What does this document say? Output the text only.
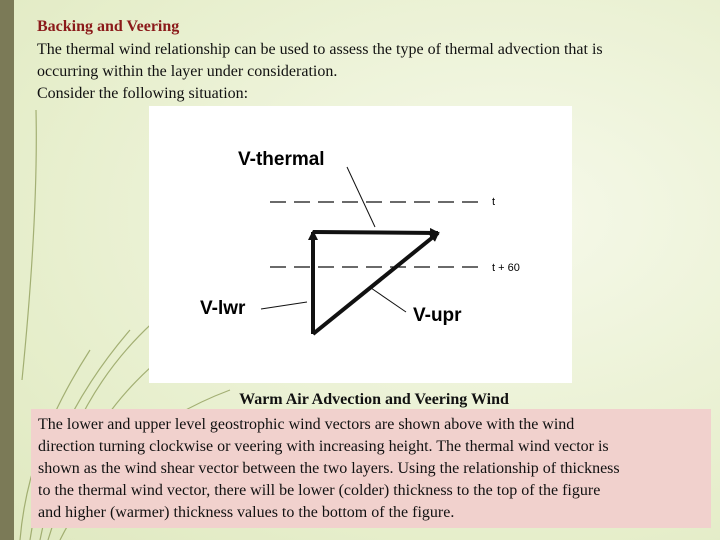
Backing and Veering

The thermal wind relationship can be used to assess the type of thermal advection that is

occurring within the layer under consideration.

Consider the following situation:

t
t + 60
V-thermal
V-lwr	V-upr
Warm Air Advection and Veering Wind

The lower and upper level geostrophic wind vectors are shown above with the wind

direction turning clockwise or veering with increasing height. The thermal wind vector is

shown as the wind shear vector between the two layers. Using the relationship of thickness

to the thermal wind vector, there will be lower (colder) thickness to the top of the figure

and higher (warmer) thickness values to the bottom of the figure.
